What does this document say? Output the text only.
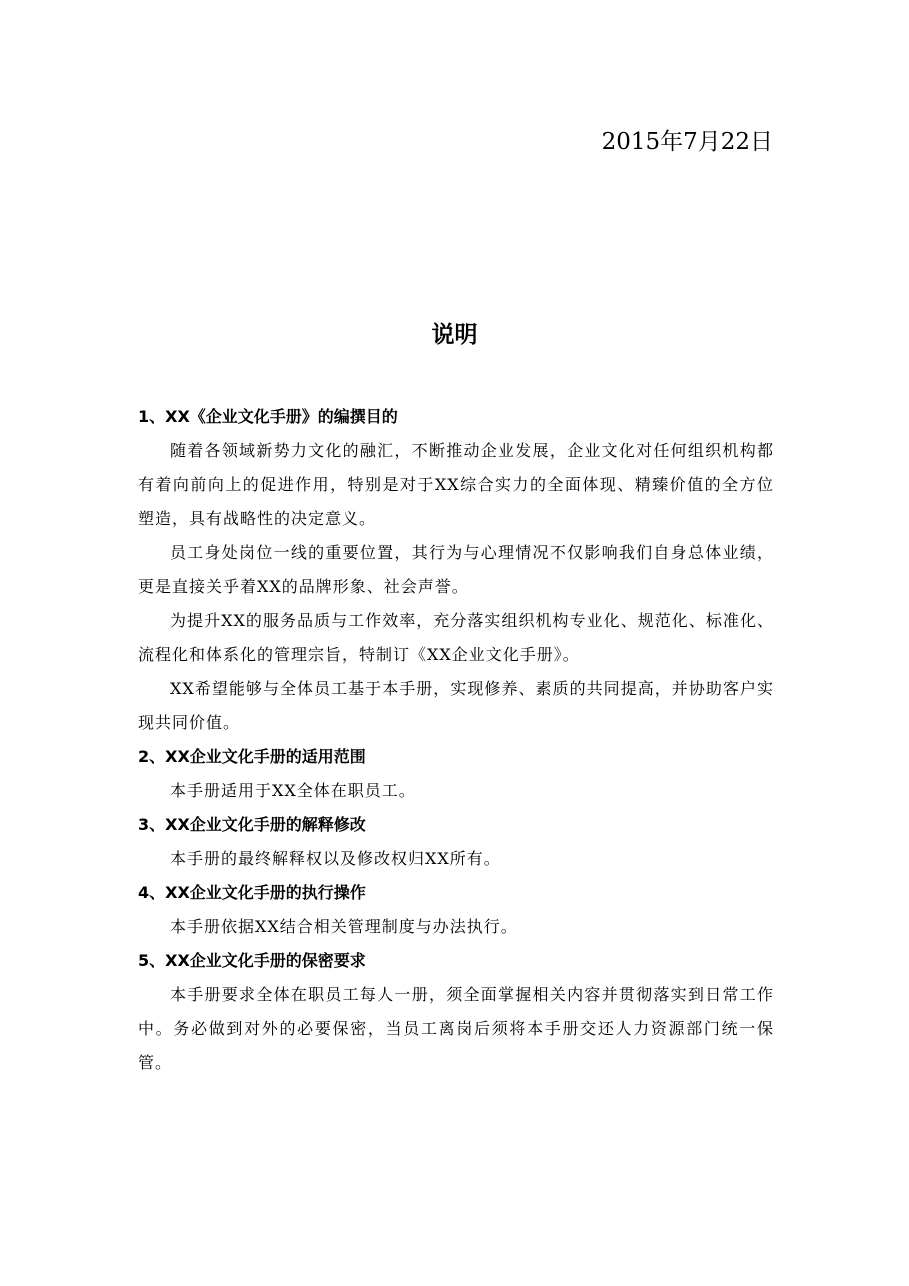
2015年7月22日
说明

1、XX《企业文化手册》的编撰目的

随着各领域新势力文化的融汇，不断推动企业发展，企业文化对任何组织机构都有着向前向上的促进作用，特别是对于XX综合实力的全面体现、精臻价值的全方位塑造，具有战略性的决定意义。

员工身处岗位一线的重要位置，其行为与心理情况不仅影响我们自身总体业绩，更是直接关乎着XX的品牌形象、社会声誉。

为提升XX的服务品质与工作效率，充分落实组织机构专业化、规范化、标准化、流程化和体系化的管理宗旨，特制订《XX企业文化手册》。

XX希望能够与全体员工基于本手册，实现修养、素质的共同提高，并协助客户实现共同价值。

2、XX企业文化手册的适用范围

本手册适用于XX全体在职员工。

3、XX企业文化手册的解释修改

本手册的最终解释权以及修改权归XX所有。

4、XX企业文化手册的执行操作

本手册依据XX结合相关管理制度与办法执行。

5、XX企业文化手册的保密要求

本手册要求全体在职员工每人一册，须全面掌握相关内容并贯彻落实到日常工作中。务必做到对外的必要保密，当员工离岗后须将本手册交还人力资源部门统一保管。
